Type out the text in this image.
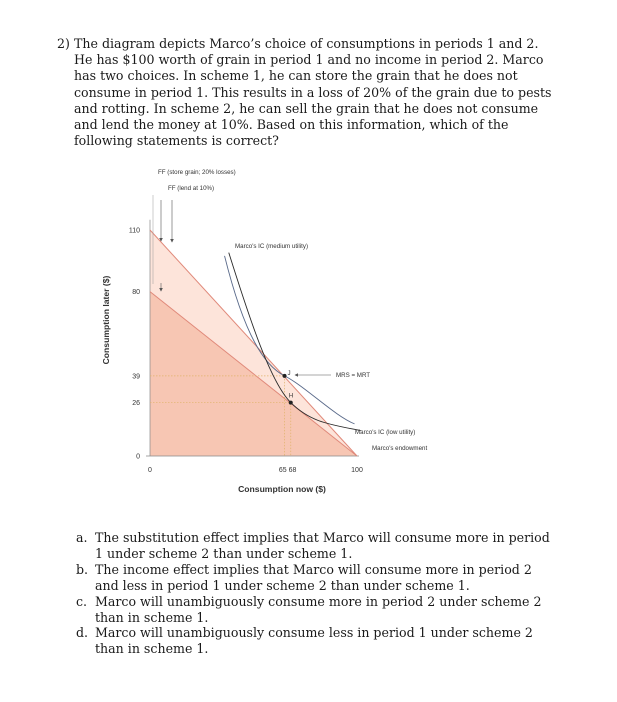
2) The diagram depicts Marco’s choice of consumptions in periods 1 and 2. He has $100 worth of grain in period 1 and no income in period 2. Marco has two choices. In scheme 1, he can store the grain that he does not consume in period 1. This results in a loss of 20% of the grain due to pests and rotting. In scheme 2, he can sell the grain that he does not consume and lend the money at 10%. Based on this information, which of the following statements is correct?
FF (store grain; 20% losses)
FF (lend at 10%)
Marco's IC (medium utility)
MRS = MRT
Marco's IC (low utility)
Marco's endowment
J
H
0	65 68	100
0
26
39
80
110
Consumption now ($)
Consumption later ($)
a. The substitution effect implies that Marco will consume more in period 1 under scheme 2 than under scheme 1.
b. The income effect implies that Marco will consume more in period 2 and less in period 1 under scheme 2 than under scheme 1.
c. Marco will unambiguously consume more in period 2 under scheme 2 than in scheme 1.
d. Marco will unambiguously consume less in period 1 under scheme 2 than in scheme 1.
